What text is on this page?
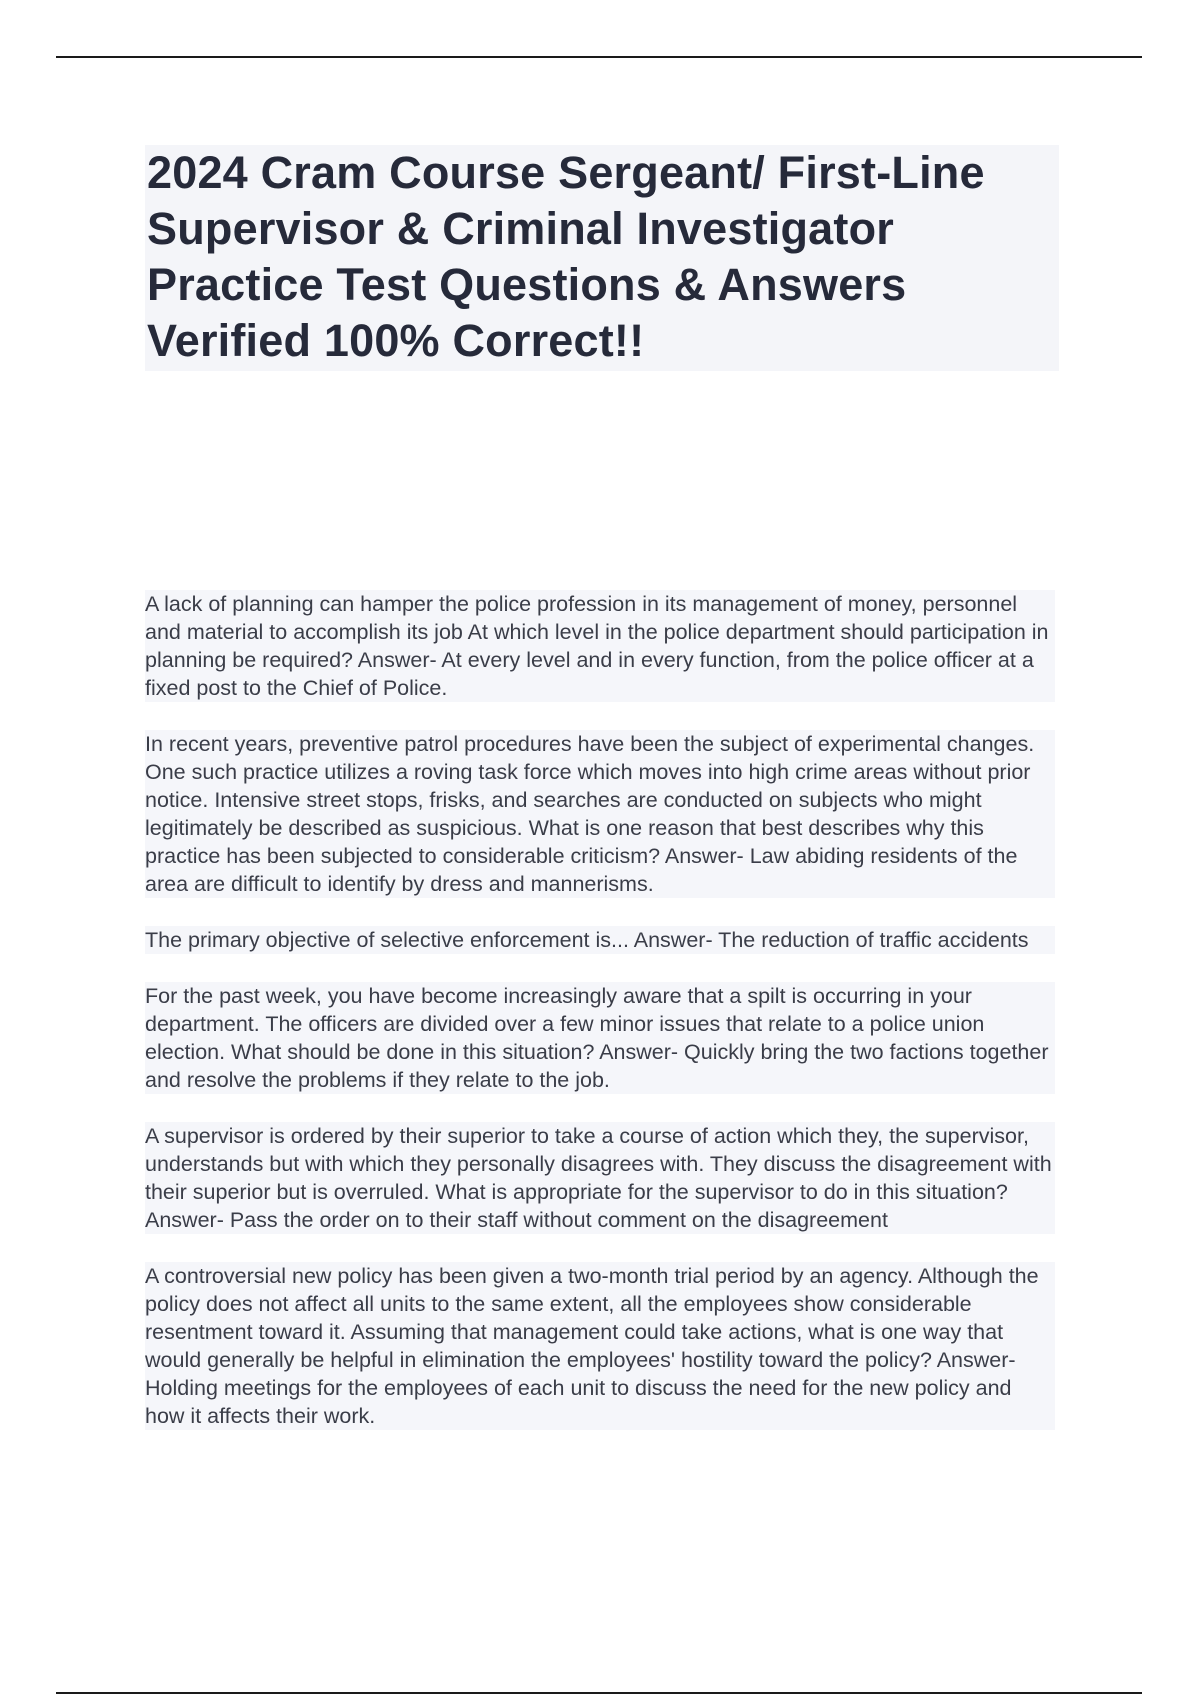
2024 Cram Course Sergeant/ First-Line Supervisor & Criminal Investigator Practice Test Questions & Answers Verified 100% Correct!!

A lack of planning can hamper the police profession in its management of money, personnel and material to accomplish its job At which level in the police department should participation in planning be required? Answer- At every level and in every function, from the police officer at a fixed post to the Chief of Police.

In recent years, preventive patrol procedures have been the subject of experimental changes. One such practice utilizes a roving task force which moves into high crime areas without prior notice. Intensive street stops, frisks, and searches are conducted on subjects who might legitimately be described as suspicious. What is one reason that best describes why this practice has been subjected to considerable criticism? Answer- Law abiding residents of the area are difficult to identify by dress and mannerisms.

The primary objective of selective enforcement is... Answer- The reduction of traffic accidents

For the past week, you have become increasingly aware that a spilt is occurring in your department. The officers are divided over a few minor issues that relate to a police union election. What should be done in this situation? Answer- Quickly bring the two factions together and resolve the problems if they relate to the job.

A supervisor is ordered by their superior to take a course of action which they, the supervisor, understands but with which they personally disagrees with. They discuss the disagreement with their superior but is overruled. What is appropriate for the supervisor to do in this situation? Answer- Pass the order on to their staff without comment on the disagreement

A controversial new policy has been given a two-month trial period by an agency. Although the policy does not affect all units to the same extent, all the employees show considerable resentment toward it. Assuming that management could take actions, what is one way that would generally be helpful in elimination the employees' hostility toward the policy? Answer- Holding meetings for the employees of each unit to discuss the need for the new policy and how it affects their work.
